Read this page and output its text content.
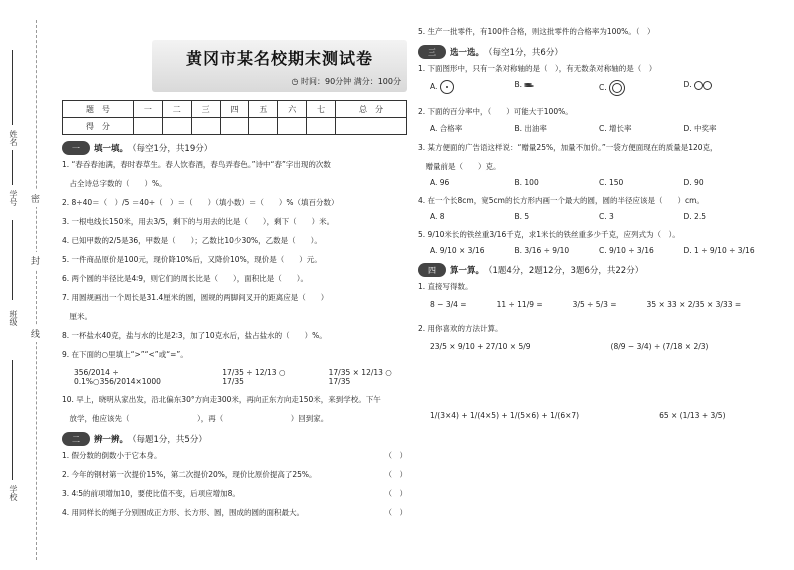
姓名
学号
班级
学校
密
封
线
黄冈市某名校期末测试卷
◷ 时间：90分钟 满分：100分
题　号	一	二	三	四	五	六	七	总　分
得　分								
一	填一填。 （每空1分，共19分）
1. “春吞春池满，春时春草生。春人饮春酒，春鸟弄春色。”诗中“春”字出现的次数
　占全诗总字数的（　　）%。
2. 8÷40＝（　）/5 ＝40÷（　）＝（　　）（填小数）＝（　　）%（填百分数）
3. 一根电线长150米，用去3/5，剩下的与用去的比是（　　），剩下（　　）米。
4. 已知甲数的2/5是36，甲数是（　　）；乙数比10少30%，乙数是（　　）。
5. 一件商品原价是100元，现价降10%后，又降价10%，现价是（　　）元。
6. 两个圆的半径比是4∶9，则它们的周长比是（　　），面积比是（　　）。
7. 用圆规画出一个周长是31.4厘米的圆，圆规的两脚间叉开的距离应是（　　）
　厘米。
8. 一杯盐水40克，盐与水的比是2∶3，加了10克水后，盐占盐水的（　　）%。
9. 在下面的○里填上“>”“<”或“=”。
356/2014 ÷ 0.1%○356/2014×1000
17/35 ÷ 12/13 ○ 17/35
17/35 × 12/13 ○ 17/35
10. 早上，晓明从家出发，沿北偏东30°方向走300米，再向正东方向走150米，来到学校。下午
　放学，他应该先（　　　　　　　　　），再（　　　　　　　　　）回到家。
二	辨一辨。 （每题1分，共5分）
1. 假分数的倒数小于它本身。	（　）
2. 今年的钢材第一次提价15%，第二次提价20%，现价比原价提高了25%。	（　）
3. 4∶5的前项增加10，要使比值不变，后项应增加8。	（　）
4. 用同样长的绳子分别围成正方形、长方形、圆，围成的圆的面积最大。	（　）
5. 生产一批零件，有100件合格，则这批零件的合格率为100%。（　）
三	选一选。 （每空1分，共6分）
1. 下面图形中，只有一条对称轴的是（　），有无数条对称轴的是（　）
A.	B.	C.	D.
2. 下面的百分率中，（　　）可能大于100%。
A. 合格率	B. 出油率	C. 增长率	D. 中奖率
3. 某方便面的广告语这样说：“赠量25%，加量不加价。”一袋方便面现在的质量是120克，
　赠量前是（　　）克。
A. 96	B. 100	C. 150	D. 90
4. 在一个长8cm，宽5cm的长方形内画一个最大的圆，圆的半径应该是（　　）cm。
A. 8	B. 5	C. 3	D. 2.5
5. 9/10米长的铁丝重3/16千克，求1米长的铁丝重多少千克，应列式为（　）。
A. 9/10 × 3/16	B. 3/16 ÷ 9/10	C. 9/10 ÷ 3/16	D. 1 ÷ 9/10 ÷ 3/16
四	算一算。 （1题4分，2题12分，3题6分，共22分）
1. 直接写得数。
8 − 3/4 =	11 ÷ 11/9 =	3/5 ÷ 5/3 =	35 × 33 × 2/35 × 3/33 =
2. 用你喜欢的方法计算。
23/5 × 9/10 + 27/10 × 5/9	(8/9 − 3/4) ÷ (7/18 × 2/3)
1/(3×4) + 1/(4×5) + 1/(5×6) + 1/(6×7)	65 × (1/13 + 3/5)
